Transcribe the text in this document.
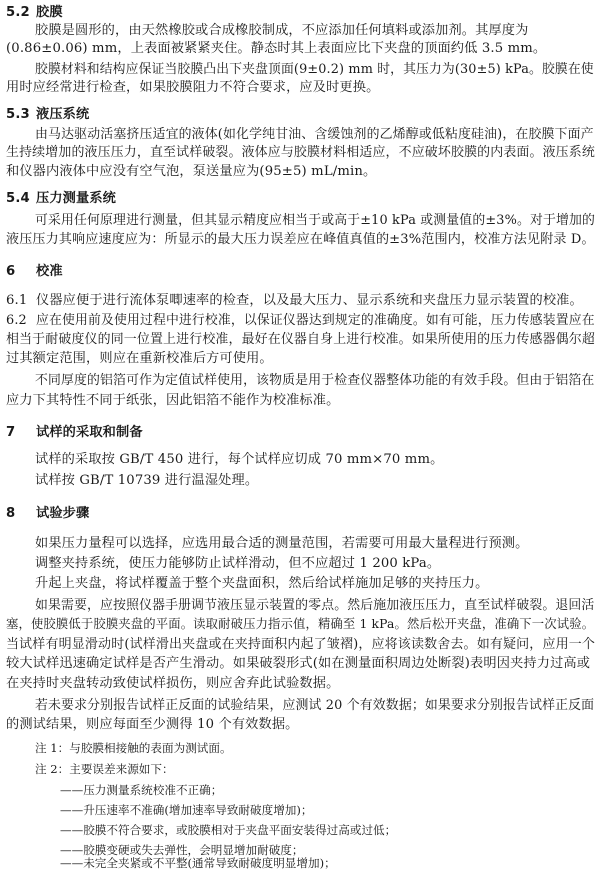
5.2 胶膜
胶膜是圆形的，由天然橡胶或合成橡胶制成，不应添加任何填料或添加剂。其厚度为
(0.86±0.06) mm，上表面被紧紧夹住。静态时其上表面应比下夹盘的顶面约低 3.5 mm。
胶膜材料和结构应保证当胶膜凸出下夹盘顶面(9±0.2) mm 时，其压力为(30±5) kPa。胶膜在使
用时应经常进行检查，如果胶膜阻力不符合要求，应及时更换。
5.3 液压系统
由马达驱动活塞挤压适宜的液体(如化学纯甘油、含缓蚀剂的乙烯醇或低粘度硅油)，在胶膜下面产
生持续增加的液压压力，直至试样破裂。液体应与胶膜材料相适应，不应破坏胶膜的内表面。液压系统
和仪器内液体中应没有空气泡，泵送量应为(95±5) mL/min。
5.4 压力测量系统
可采用任何原理进行测量，但其显示精度应相当于或高于±10 kPa 或测量值的±3%。对于增加的
液压压力其响应速度应为：所显示的最大压力误差应在峰值真值的±3%范围内，校准方法见附录 D。
6 校准
6.1 仪器应便于进行流体泵唧速率的检查，以及最大压力、显示系统和夹盘压力显示装置的校准。
6.2 应在使用前及使用过程中进行校准，以保证仪器达到规定的准确度。如有可能，压力传感装置应在
相当于耐破度仪的同一位置上进行校准，最好在仪器自身上进行校准。如果所使用的压力传感器偶尔超
过其额定范围，则应在重新校准后方可使用。
不同厚度的铝箔可作为定值试样使用，该物质是用于检查仪器整体功能的有效手段。但由于铝箔在
应力下其特性不同于纸张，因此铝箔不能作为校准标准。
7 试样的采取和制备
试样的采取按 GB/T 450 进行，每个试样应切成 70 mm×70 mm。
试样按 GB/T 10739 进行温湿处理。
8 试验步骤
如果压力量程可以选择，应选用最合适的测量范围，若需要可用最大量程进行预测。
调整夹持系统，使压力能够防止试样滑动，但不应超过 1 200 kPa。
升起上夹盘，将试样覆盖于整个夹盘面积，然后给试样施加足够的夹持压力。
如果需要，应按照仪器手册调节液压显示装置的零点。然后施加液压压力，直至试样破裂。退回活
塞，使胶膜低于胶膜夹盘的平面。读取耐破压力指示值，精确至 1 kPa。然后松开夹盘，准确下一次试验。
当试样有明显滑动时(试样滑出夹盘或在夹持面积内起了皱褶)，应将该读数舍去。如有疑问，应用一个
较大试样迅速确定试样是否产生滑动。如果破裂形式(如在测量面积周边处断裂)表明因夹持力过高或
在夹持时夹盘转动致使试样损伤，则应舍弃此试验数据。
若未要求分别报告试样正反面的试验结果，应测试 20 个有效数据；如果要求分别报告试样正反面
的测试结果，则应每面至少测得 10 个有效数据。
注 1：与胶膜相接触的表面为测试面。
注 2：主要误差来源如下：
——压力测量系统校准不正确；
——升压速率不准确(增加速率导致耐破度增加)；
——胶膜不符合要求，或胶膜相对于夹盘平面安装得过高或过低；
——胶膜变硬或失去弹性，会明显增加耐破度；
——未完全夹紧或不平整(通常导致耐破度明显增加)；
